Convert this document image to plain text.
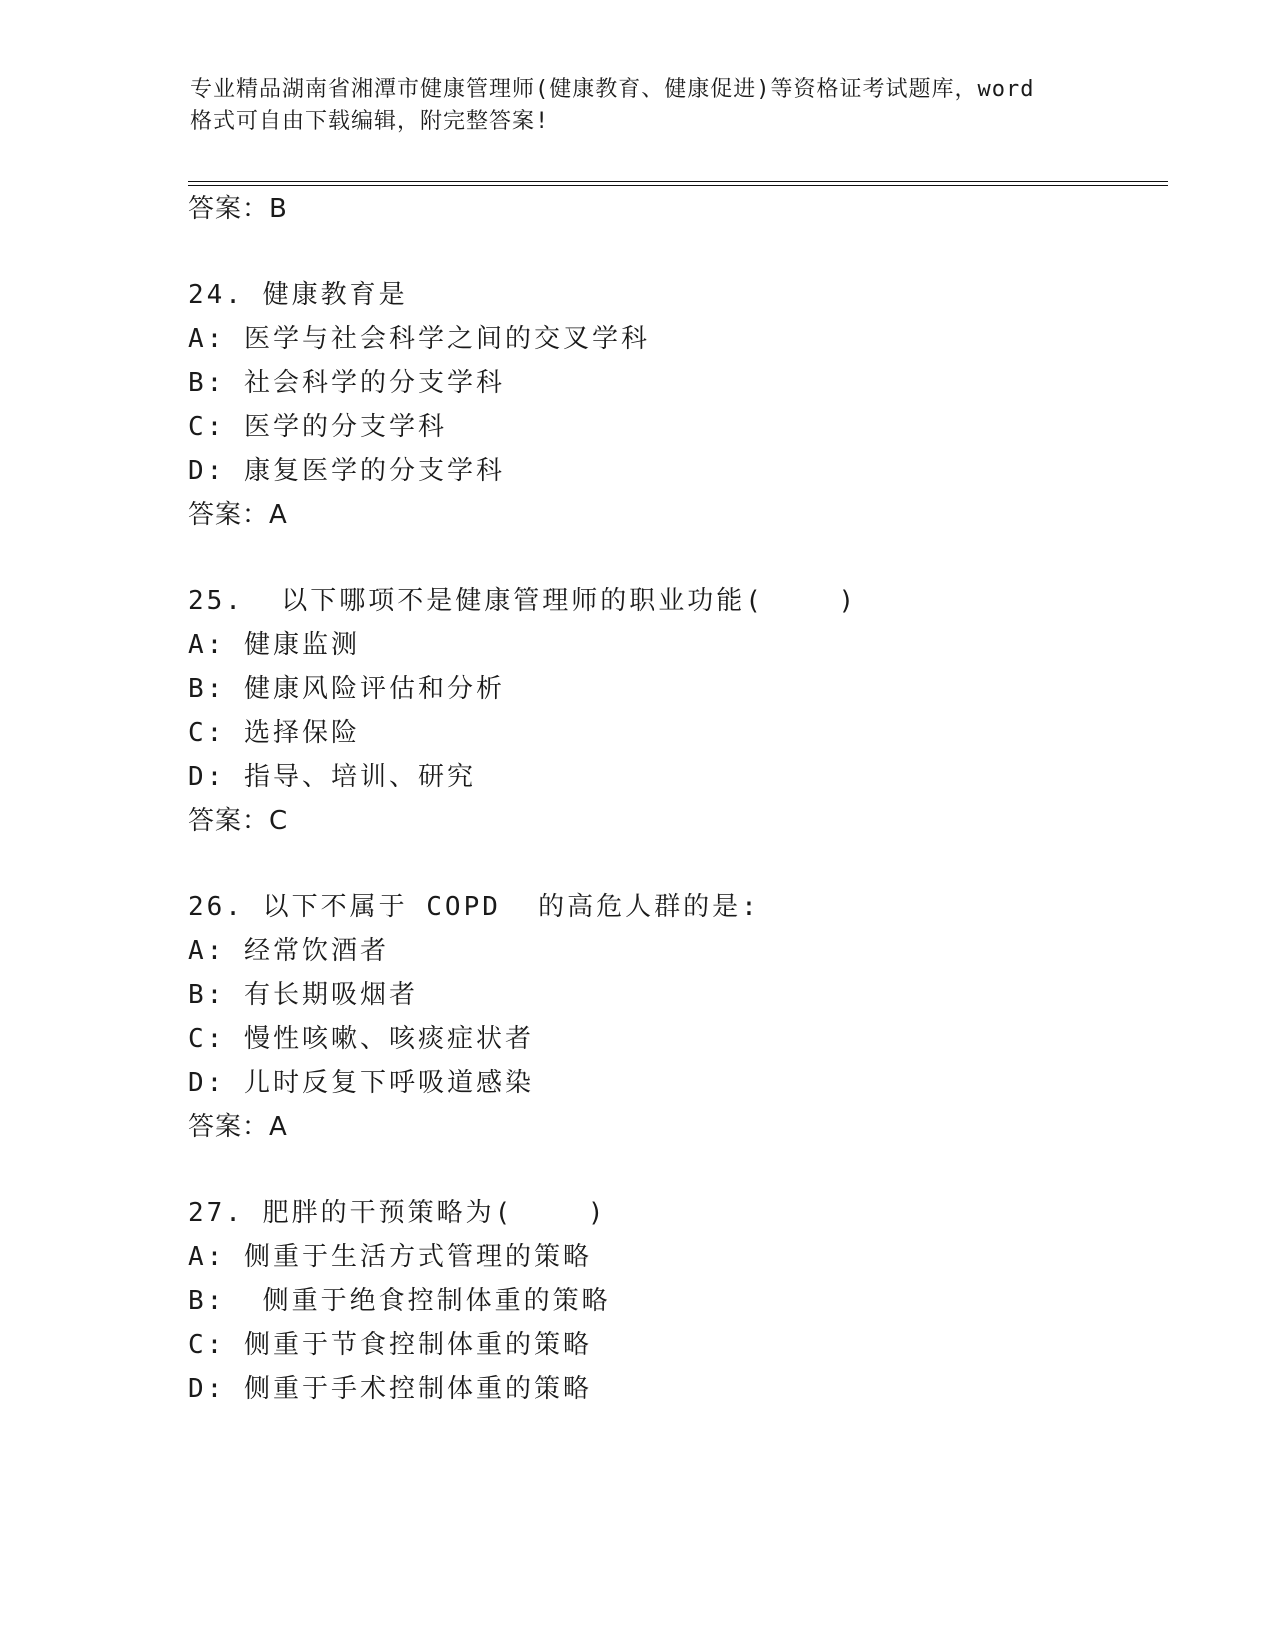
专业精品湖南省湘潭市健康管理师(健康教育、健康促进)等资格证考试题库，word
格式可自由下载编辑，附完整答案!
答案：B
24. 健康教育是
A: 医学与社会科学之间的交叉学科
B: 社会科学的分支学科
C: 医学的分支学科
D: 康复医学的分支学科
答案：A
25.  以下哪项不是健康管理师的职业功能(    )
A: 健康监测
B: 健康风险评估和分析
C: 选择保险
D: 指导、培训、研究
答案：C
26. 以下不属于 COPD  的高危人群的是:
A: 经常饮酒者
B: 有长期吸烟者
C: 慢性咳嗽、咳痰症状者
D: 儿时反复下呼吸道感染
答案：A
27. 肥胖的干预策略为(    )
A: 侧重于生活方式管理的策略
B:  侧重于绝食控制体重的策略
C: 侧重于节食控制体重的策略
D: 侧重于手术控制体重的策略
